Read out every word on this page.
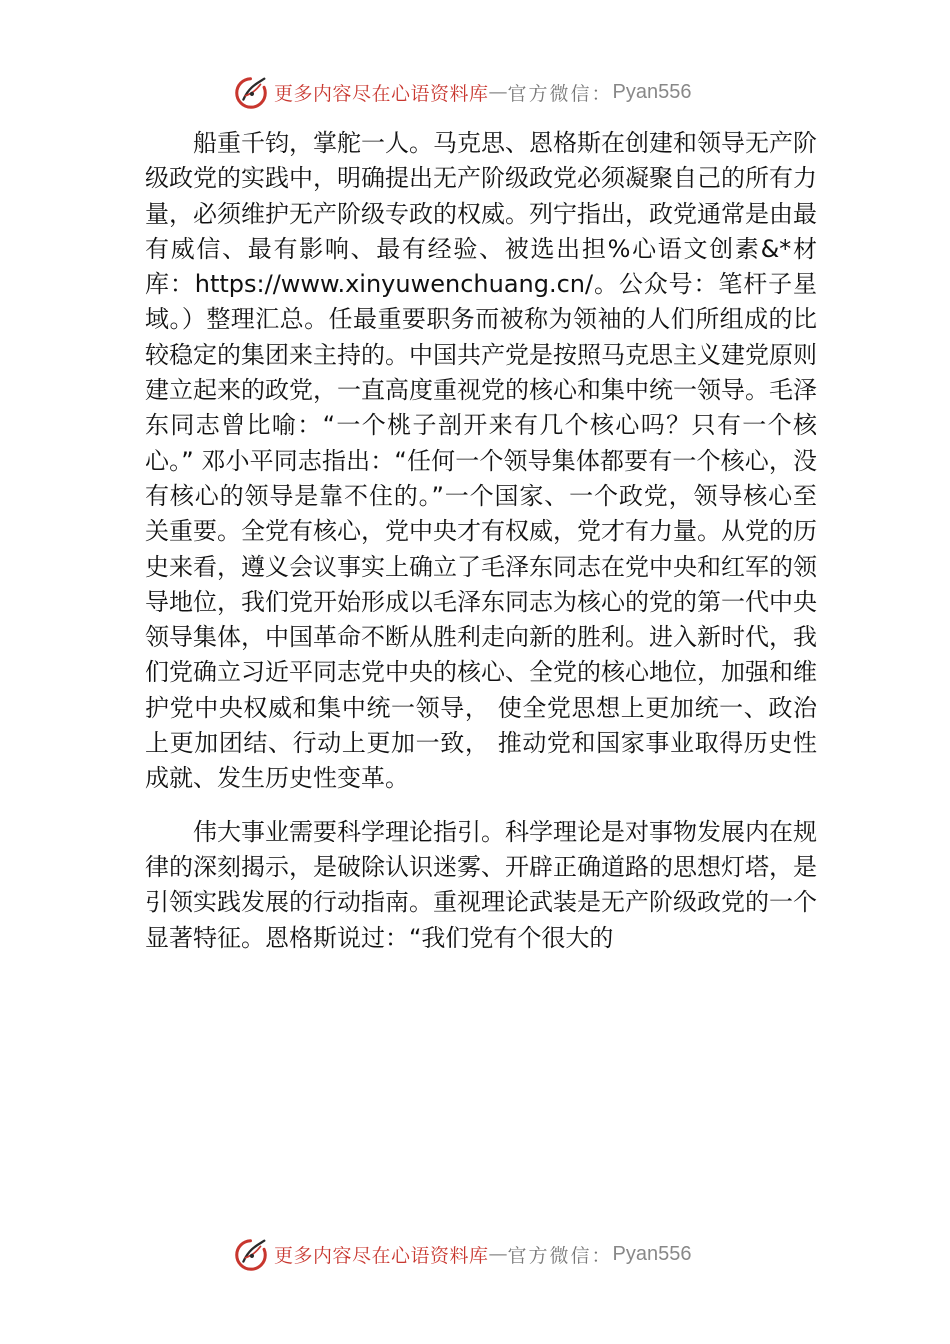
更多内容尽在心语资料库 — 官方微信： Pyan556

船重千钧，掌舵一人。马克思、恩格斯在创建和领导无产阶级政党的实践中，明确提出无产阶级政党必须凝聚自己的所有力量，必须维护无产阶级专政的权威。列宁指出，政党通常是由最有威信、最有影响、最有经验、被选出担%心语文创素&*材库：https://www.xinyuwenchuang.cn/。公众号：笔杆子星域。）整理汇总。任最重要职务而被称为领袖的人们所组成的比较稳定的集团来主持的。中国共产党是按照马克思主义建党原则建立起来的政党，一直高度重视党的核心和集中统一领导。毛泽东同志曾比喻：“一个桃子剖开来有几个核心吗？只有一个核心。” 邓小平同志指出：“任何一个领导集体都要有一个核心，没有核心的领导是靠不住的。”一个国家、一个政党，领导核心至关重要。全党有核心，党中央才有权威，党才有力量。从党的历史来看，遵义会议事实上确立了毛泽东同志在党中央和红军的领导地位，我们党开始形成以毛泽东同志为核心的党的第一代中央领导集体，中国革命不断从胜利走向新的胜利。进入新时代，我们党确立习近平同志党中央的核心、全党的核心地位，加强和维护党中央权威和集中统一领导， 使全党思想上更加统一、政治上更加团结、行动上更加一致， 推动党和国家事业取得历史性成就、发生历史性变革。

伟大事业需要科学理论指引。科学理论是对事物发展内在规律的深刻揭示，是破除认识迷雾、开辟正确道路的思想灯塔，是引领实践发展的行动指南。重视理论武装是无产阶级政党的一个显著特征。恩格斯说过：“我们党有个很大的

更多内容尽在心语资料库 — 官方微信： Pyan556
